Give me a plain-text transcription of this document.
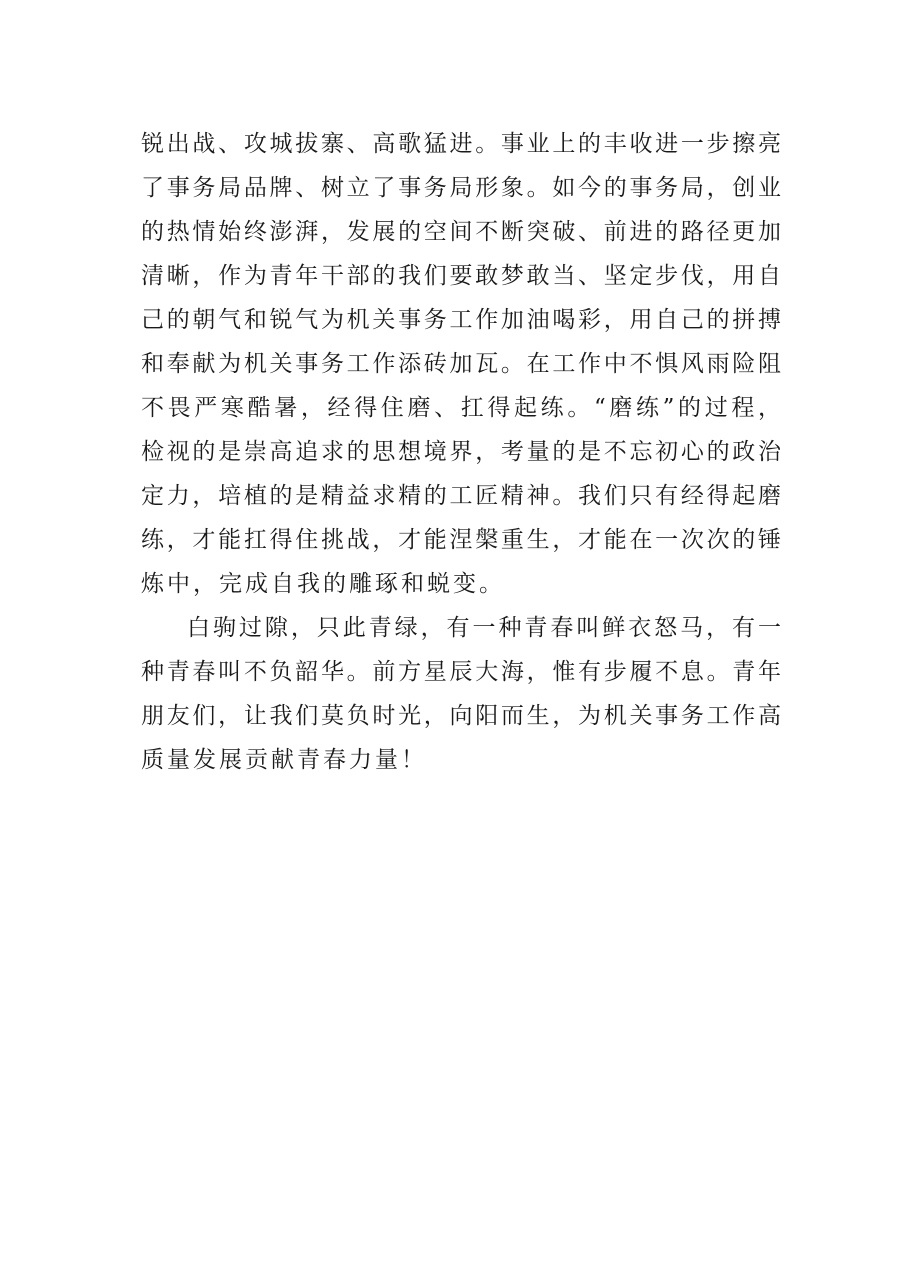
锐出战、攻城拔寨、高歌猛进。事业上的丰收进一步擦亮
了事务局品牌、树立了事务局形象。如今的事务局，创业
的热情始终澎湃，发展的空间不断突破、前进的路径更加
清晰，作为青年干部的我们要敢梦敢当、坚定步伐，用自
己的朝气和锐气为机关事务工作加油喝彩，用自己的拼搏
和奉献为机关事务工作添砖加瓦。在工作中不惧风雨险阻
不畏严寒酷暑，经得住磨、扛得起练。“磨练”的过程，
检视的是崇高追求的思想境界，考量的是不忘初心的政治
定力，培植的是精益求精的工匠精神。我们只有经得起磨
练，才能扛得住挑战，才能涅槃重生，才能在一次次的锤
炼中，完成自我的雕琢和蜕变。
白驹过隙，只此青绿，有一种青春叫鲜衣怒马，有一
种青春叫不负韶华。前方星辰大海，惟有步履不息。青年
朋友们，让我们莫负时光，向阳而生，为机关事务工作高
质量发展贡献青春力量！
